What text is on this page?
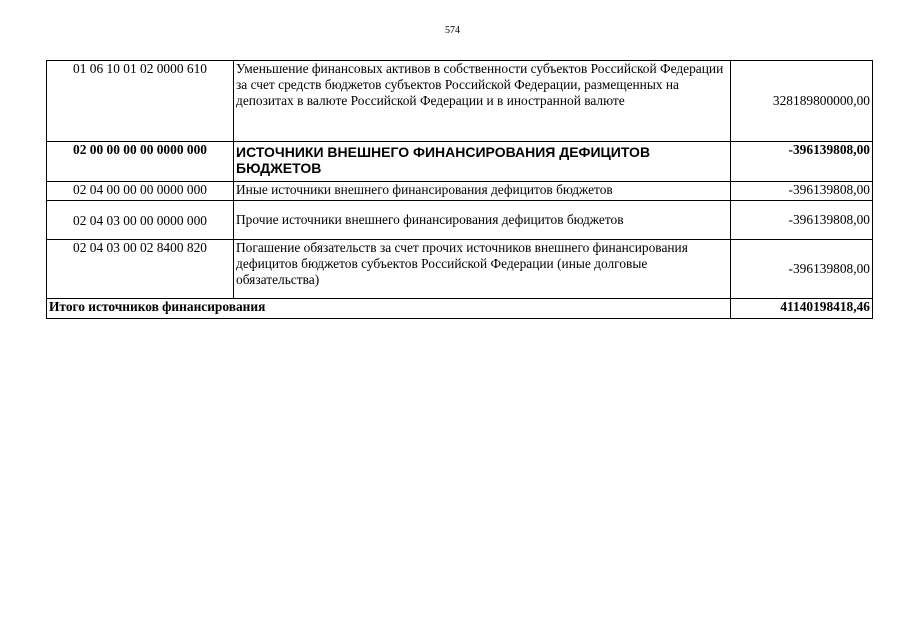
574
01 06 10 01 02 0000 610	Уменьшение финансовых активов в собственности субъектов Российской Федерации за счет средств бюджетов субъектов Российской Федерации, размещенных на депозитах в валюте Российской Федерации и в иностранной валюте	328189800000,00
02 00 00 00 00 0000 000	ИСТОЧНИКИ ВНЕШНЕГО ФИНАНСИРОВАНИЯ ДЕФИЦИТОВ БЮДЖЕТОВ	-396139808,00
02 04 00 00 00 0000 000	Иные источники внешнего финансирования дефицитов бюджетов	-396139808,00
02 04 03 00 00 0000 000	Прочие источники внешнего финансирования дефицитов бюджетов	-396139808,00
02 04 03 00 02 8400 820	Погашение обязательств за счет прочих источников внешнего финансирования дефицитов бюджетов субъектов Российской Федерации (иные долговые обязательства)	-396139808,00
Итого источников финансирования		41140198418,46
